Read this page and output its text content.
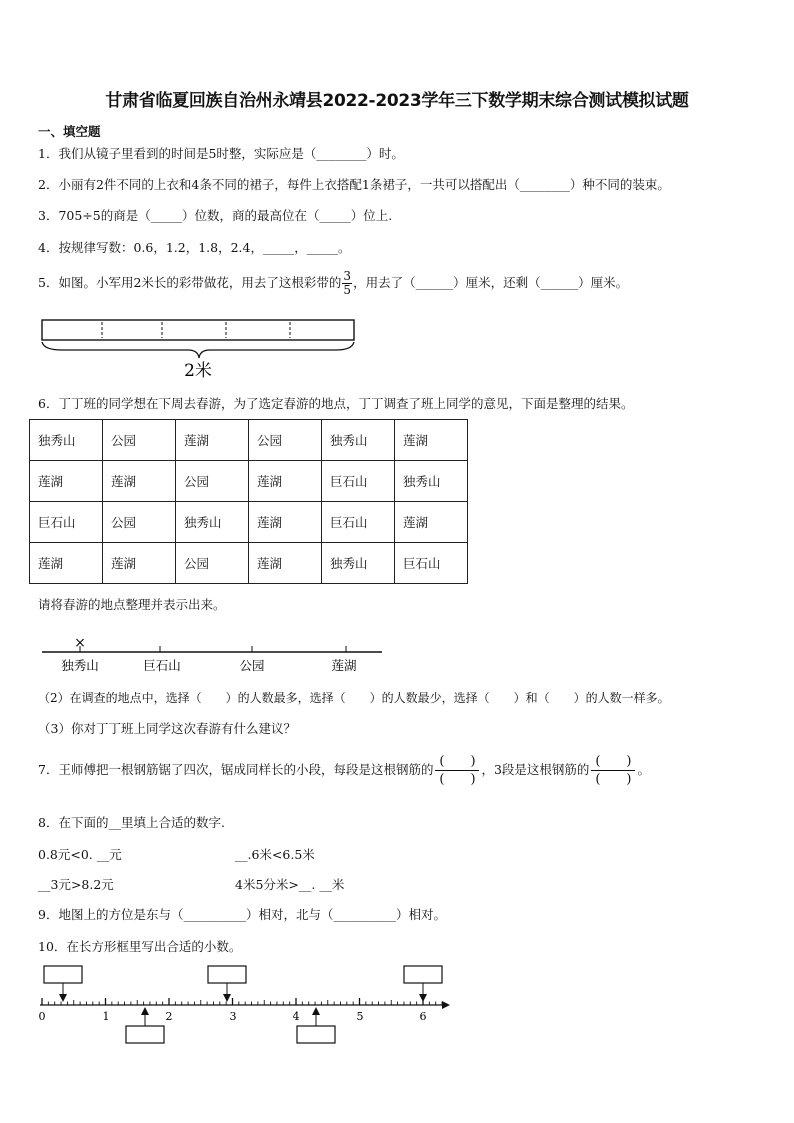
甘肃省临夏回族自治州永靖县2022-2023学年三下数学期末综合测试模拟试题
一、填空题
1．我们从镜子里看到的时间是5时整，实际应是（________）时。
2．小丽有2件不同的上衣和4条不同的裙子，每件上衣搭配1条裙子，一共可以搭配出（________）种不同的装束。
3．705÷5的商是（_____）位数，商的最高位在（_____）位上.
4．按规律写数：0.6，1.2，1.8，2.4，_____，_____。
5．如图。小军用2米长的彩带做花，用去了这根彩带的 $\frac{3}{5}$ ，用去了（______）厘米，还剩（______）厘米。
2米
6．丁丁班的同学想在下周去春游，为了选定春游的地点，丁丁调查了班上同学的意见，下面是整理的结果。
独秀山	公园	莲湖	公园	独秀山	莲湖
莲湖	莲湖	公园	莲湖	巨石山	独秀山
巨石山	公园	独秀山	莲湖	巨石山	莲湖
莲湖	莲湖	公园	莲湖	独秀山	巨石山
请将春游的地点整理并表示出来。
×
独秀山	巨石山	公园	莲湖
（2）在调查的地点中，选择（　　）的人数最多，选择（　　）的人数最少，选择（　　）和（　　）的人数一样多。
（3）你对丁丁班上同学这次春游有什么建议？
7．王师傅把一根钢筋锯了四次，锯成同样长的小段，每段是这根钢筋的 $\frac{( )}{( )}$ ，3段是这根钢筋的 $\frac{( )}{( )}$ 。
8．在下面的__里填上合适的数字.
0.8元<0. __元	__.6米<6.5米
__3元>8.2元	4米5分米>__. __米
9．地图上的方位是东与（__________）相对，北与（__________）相对。
10．在长方形框里写出合适的小数。
0	1	2	3	4	5	6
